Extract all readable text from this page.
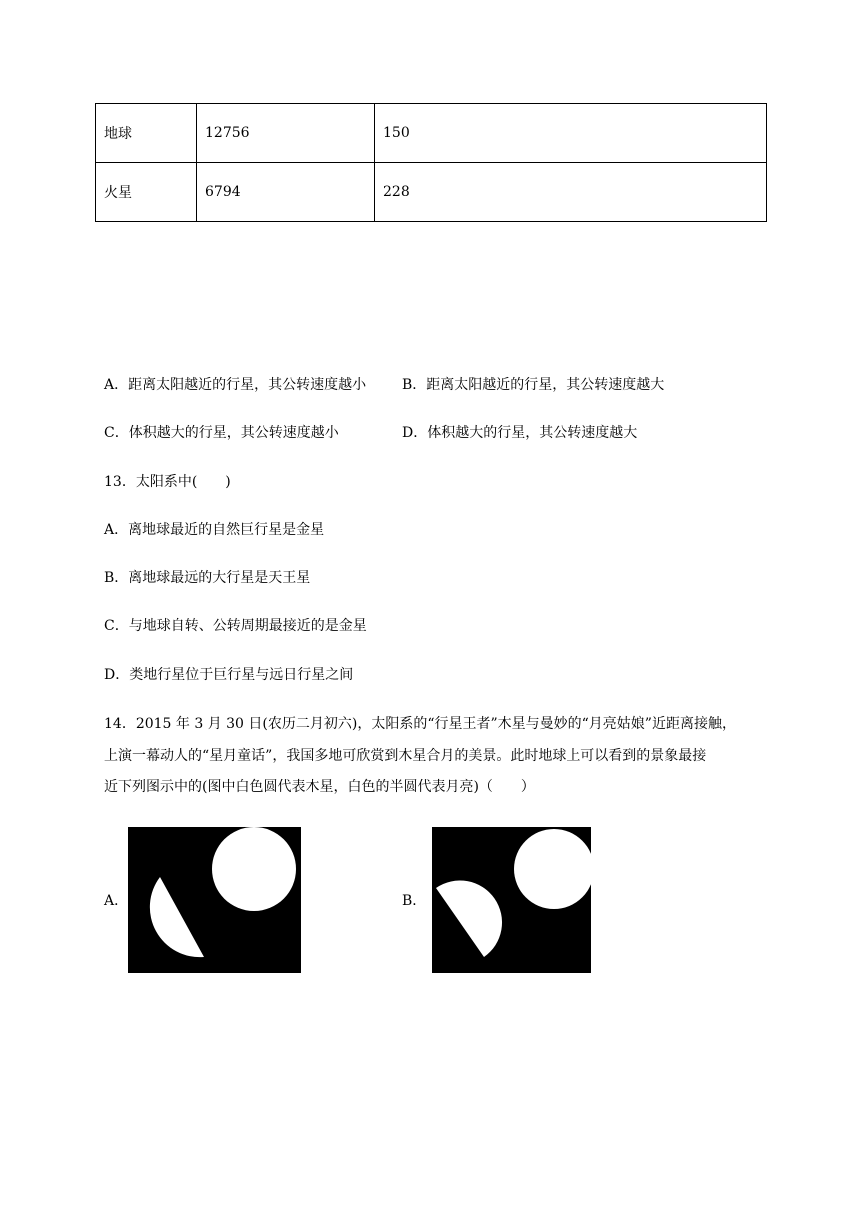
地球	12756	150
火星	6794	228
A．距离太阳越近的行星，其公转速度越小	B．距离太阳越近的行星，其公转速度越大
C．体积越大的行星，其公转速度越小	D．体积越大的行星，其公转速度越大
13．太阳系中(　　)
A．离地球最近的自然巨行星是金星
B．离地球最远的大行星是天王星
C．与地球自转、公转周期最接近的是金星
D．类地行星位于巨行星与远日行星之间
14．2015 年 3 月 30 日(农历二月初六)，太阳系的“行星王者”木星与曼妙的“月亮姑娘”近距离接触，
上演一幕动人的“星月童话”，我国多地可欣赏到木星合月的美景。此时地球上可以看到的景象最接
近下列图示中的(图中白色圆代表木星，白色的半圆代表月亮)（　　）
A．	B．
